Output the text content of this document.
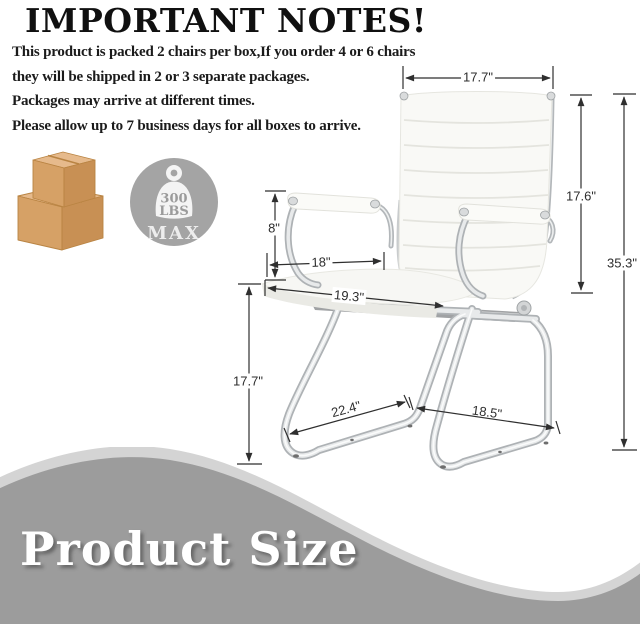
IMPORTANT NOTES!
This product is packed 2 chairs per box,If you order 4 or 6 chairs
they will be shipped in 2 or 3 separate packages.
Packages may arrive at different times.
Please allow up to 7 business days for all boxes to arrive.
300
LBS
MAX
17.7"
17.6"
35.3"
8"
18"
19.3"
17.7"
22.4"	18.5"
Product Size
